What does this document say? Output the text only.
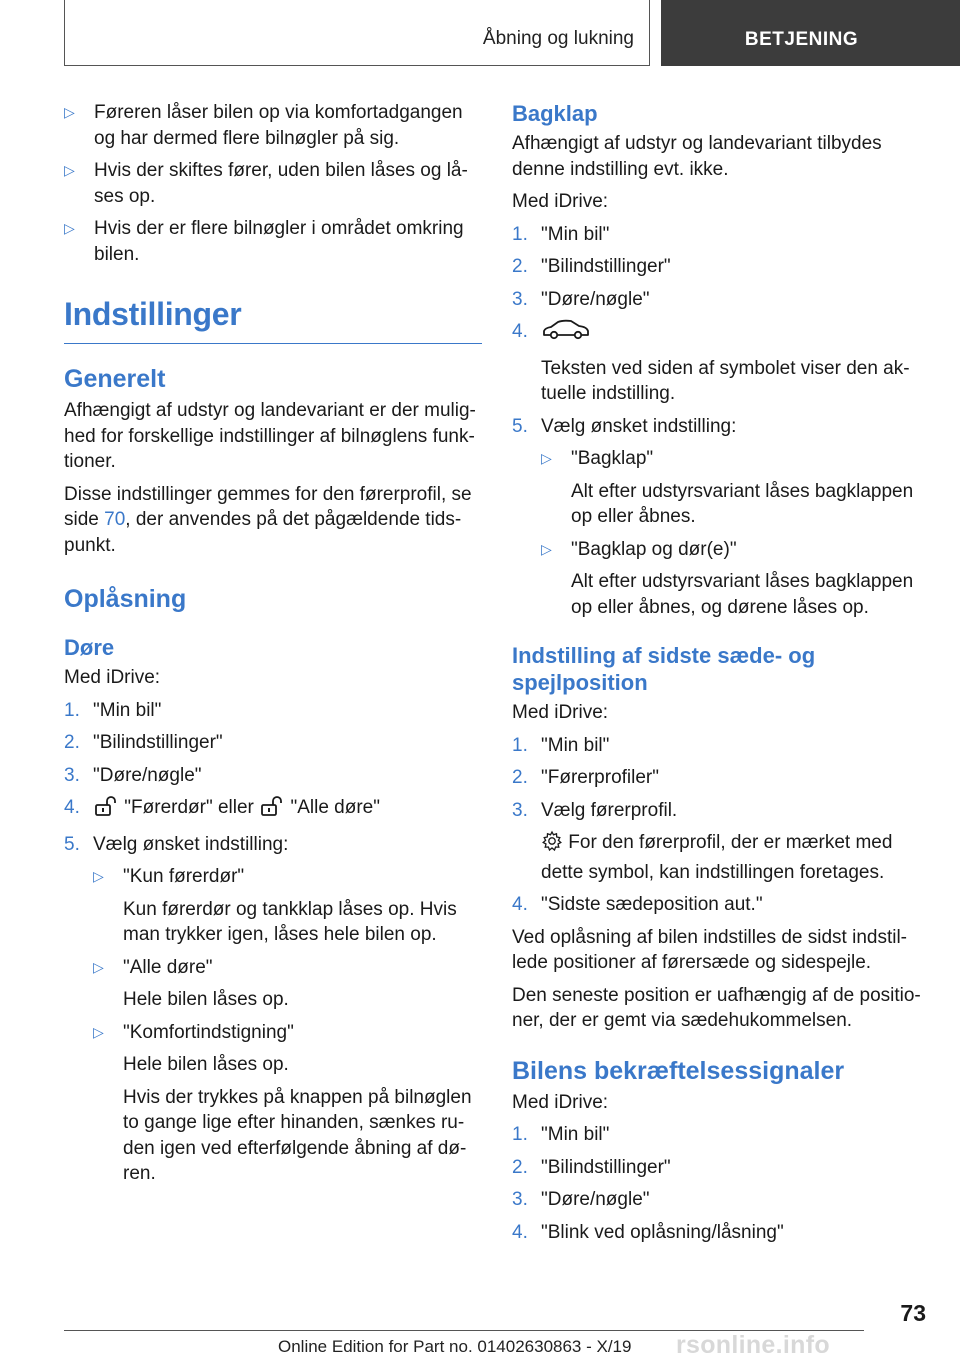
Åbning og lukning	BETJENING
▷ Føreren låser bilen op via komfortadgangen og har dermed flere bilnøgler på sig.
▷ Hvis der skiftes fører, uden bilen låses og lå-ses op.
▷ Hvis der er flere bilnøgler i området omkring bilen.
Indstillinger
Generelt

Afhængigt af udstyr og landevariant er der mulig-hed for forskellige indstillinger af bilnøglens funk-tioner.

Disse indstillinger gemmes for den førerprofil, se side 70, der anvendes på det pågældende tids-punkt.

Oplåsning
Døre

Med iDrive:

1. "Min bil"
2. "Bilindstillinger"
3. "Døre/nøgle"
4. "Førerdør" eller "Alle døre"
5. Vælg ønsket indstilling:
▷ "Kun førerdør"
Kun førerdør og tankklap låses op. Hvis man trykker igen, låses hele bilen op.
▷ "Alle døre"
Hele bilen låses op.
▷ "Komfortindstigning"
Hele bilen låses op.
Hvis der trykkes på knappen på bilnøglen to gange lige efter hinanden, sænkes ru-den igen ved efterfølgende åbning af dø-ren.
Bagklap

Afhængigt af udstyr og landevariant tilbydes denne indstilling evt. ikke.

Med iDrive:

1. "Min bil"
2. "Bilindstillinger"
3. "Døre/nøgle"
4.
Teksten ved siden af symbolet viser den ak-tuelle indstilling.
5. Vælg ønsket indstilling:
▷ "Bagklap"
Alt efter udstyrsvariant låses bagklappen op eller åbnes.
▷ "Bagklap og dør(e)"
Alt efter udstyrsvariant låses bagklappen op eller åbnes, og dørene låses op.
Indstilling af sidste sæde- og spejlposition

Med iDrive:

1. "Min bil"
2. "Førerprofiler"
3. Vælg førerprofil.
For den førerprofil, der er mærket med dette symbol, kan indstillingen foretages.
4. "Sidste sædeposition aut."

Ved oplåsning af bilen indstilles de sidst indstil-lede positioner af førersæde og sidespejle.

Den seneste position er uafhængig af de positio-ner, der er gemt via sædehukommelsen.

Bilens bekræftelsessignaler

Med iDrive:

1. "Min bil"
2. "Bilindstillinger"
3. "Døre/nøgle"
4. "Blink ved oplåsning/låsning"
73
rsonline.info
Online Edition for Part no. 01402630863 - X/19
